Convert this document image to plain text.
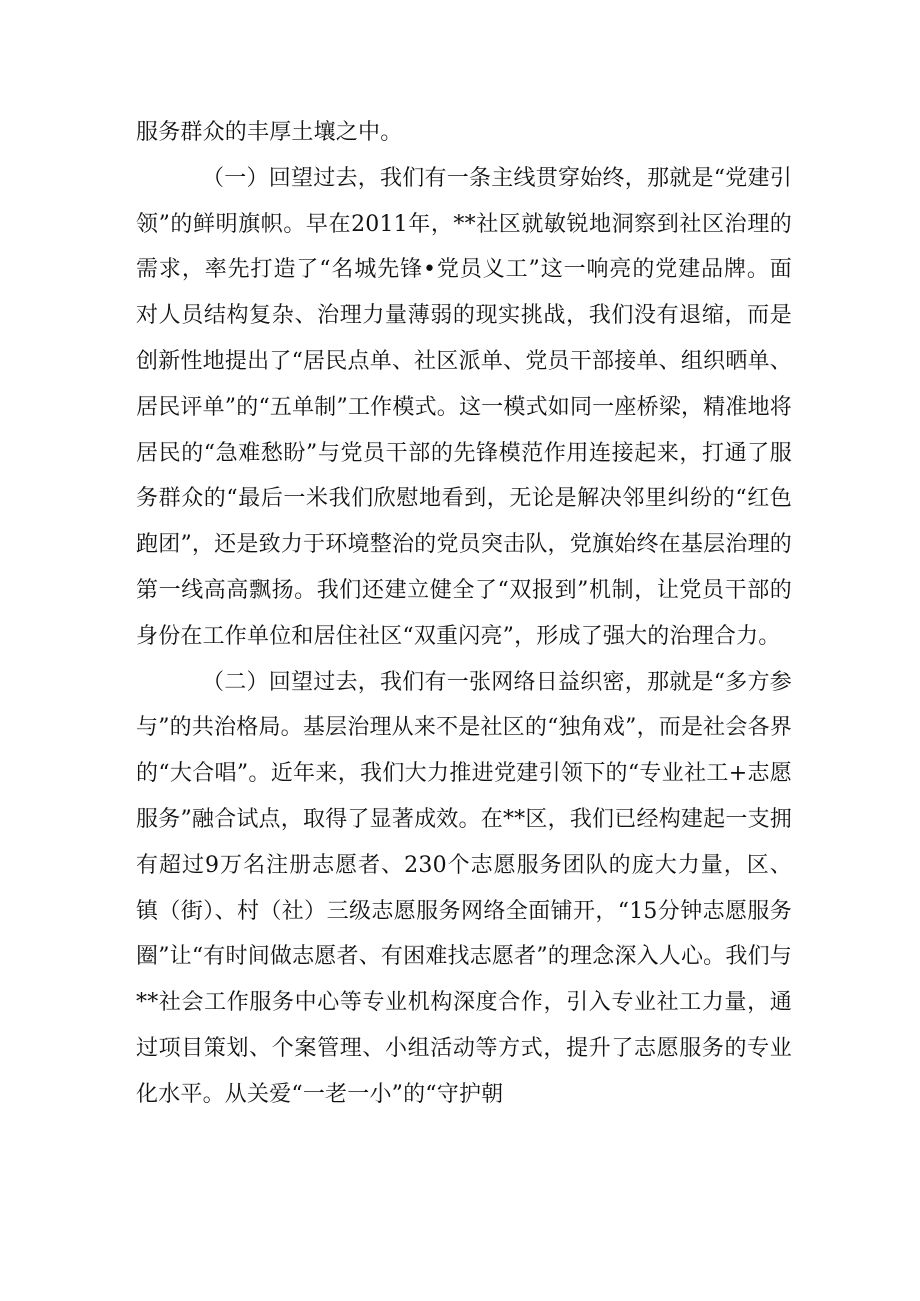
服务群众的丰厚土壤之中。

（一）回望过去，我们有一条主线贯穿始终，那就是“党建引领”的鲜明旗帜。早在2011年，**社区就敏锐地洞察到社区治理的需求，率先打造了“名城先锋•党员义工”这一响亮的党建品牌。面对人员结构复杂、治理力量薄弱的现实挑战，我们没有退缩，而是创新性地提出了“居民点单、社区派单、党员干部接单、组织晒单、居民评单”的“五单制”工作模式。这一模式如同一座桥梁，精准地将居民的“急难愁盼”与党员干部的先锋模范作用连接起来，打通了服务群众的“最后一米我们欣慰地看到，无论是解决邻里纠纷的“红色跑团”，还是致力于环境整治的党员突击队，党旗始终在基层治理的第一线高高飘扬。我们还建立健全了“双报到”机制，让党员干部的身份在工作单位和居住社区“双重闪亮”，形成了强大的治理合力。

（二）回望过去，我们有一张网络日益织密，那就是“多方参与”的共治格局。基层治理从来不是社区的“独角戏”，而是社会各界的“大合唱”。近年来，我们大力推进党建引领下的“专业社工+志愿服务”融合试点，取得了显著成效。在**区，我们已经构建起一支拥有超过9万名注册志愿者、230个志愿服务团队的庞大力量，区、镇（街）、村（社）三级志愿服务网络全面铺开，“15分钟志愿服务圈”让“有时间做志愿者、有困难找志愿者”的理念深入人心。我们与**社会工作服务中心等专业机构深度合作，引入专业社工力量，通过项目策划、个案管理、小组活动等方式，提升了志愿服务的专业化水平。从关爱“一老一小”的“守护朝
